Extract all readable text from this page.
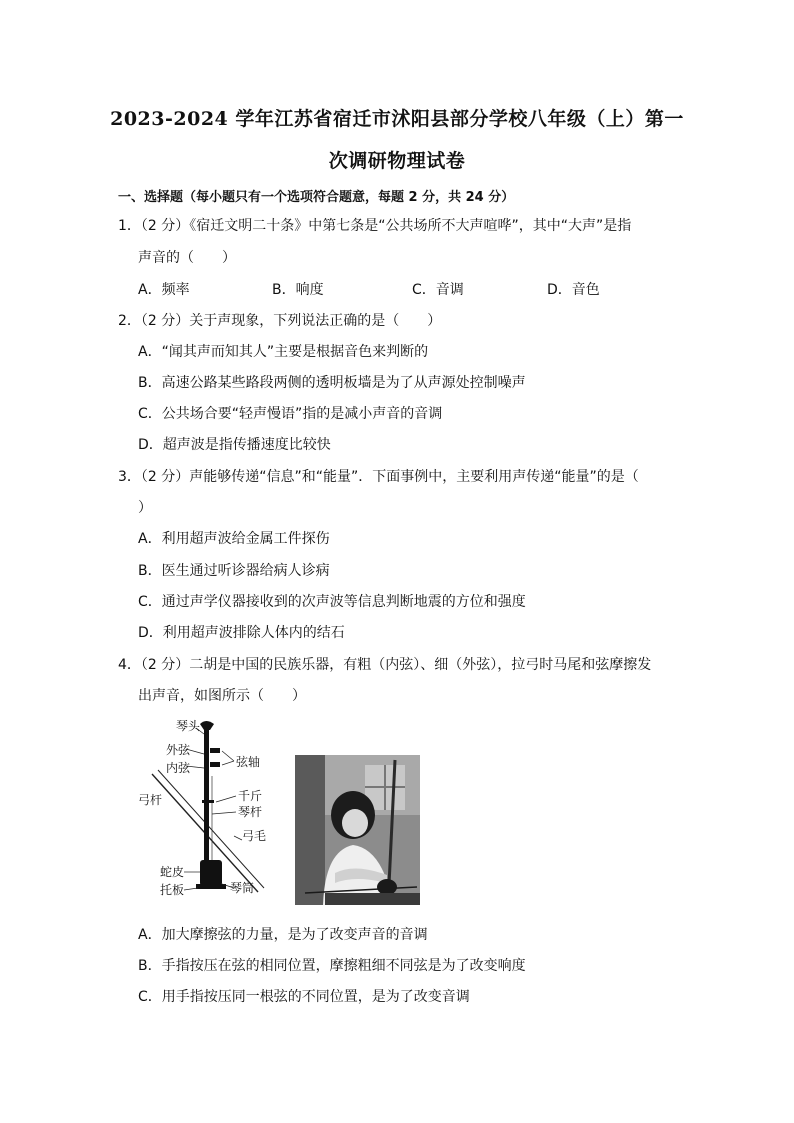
2023-2024 学年江苏省宿迁市沭阳县部分学校八年级（上）第一
次调研物理试卷
一、选择题（每小题只有一个选项符合题意，每题 2 分，共 24 分）
1．（2 分）《宿迁文明二十条》中第七条是“公共场所不大声喧哗”，其中“大声”是指
声音的（　　）
A．频率	B．响度	C．音调	D．音色
2．（2 分）关于声现象，下列说法正确的是（　　）
A．“闻其声而知其人”主要是根据音色来判断的
B．高速公路某些路段两侧的透明板墙是为了从声源处控制噪声
C．公共场合要“轻声慢语”指的是减小声音的音调
D．超声波是指传播速度比较快
3．（2 分）声能够传递“信息”和“能量”．下面事例中，主要利用声传递“能量”的是（
）
A．利用超声波给金属工件探伤
B．医生通过听诊器给病人诊病
C．通过声学仪器接收到的次声波等信息判断地震的方位和强度
D．利用超声波排除人体内的结石
4．（2 分）二胡是中国的民族乐器，有粗（内弦）、细（外弦），拉弓时马尾和弦摩擦发
出声音，如图所示（　　）
琴头
外弦
内弦	弦轴
千斤
琴杆
弓杆
弓毛
蛇皮
托板	琴筒
A．加大摩擦弦的力量，是为了改变声音的音调
B．手指按压在弦的相同位置，摩擦粗细不同弦是为了改变响度
C．用手指按压同一根弦的不同位置，是为了改变音调
